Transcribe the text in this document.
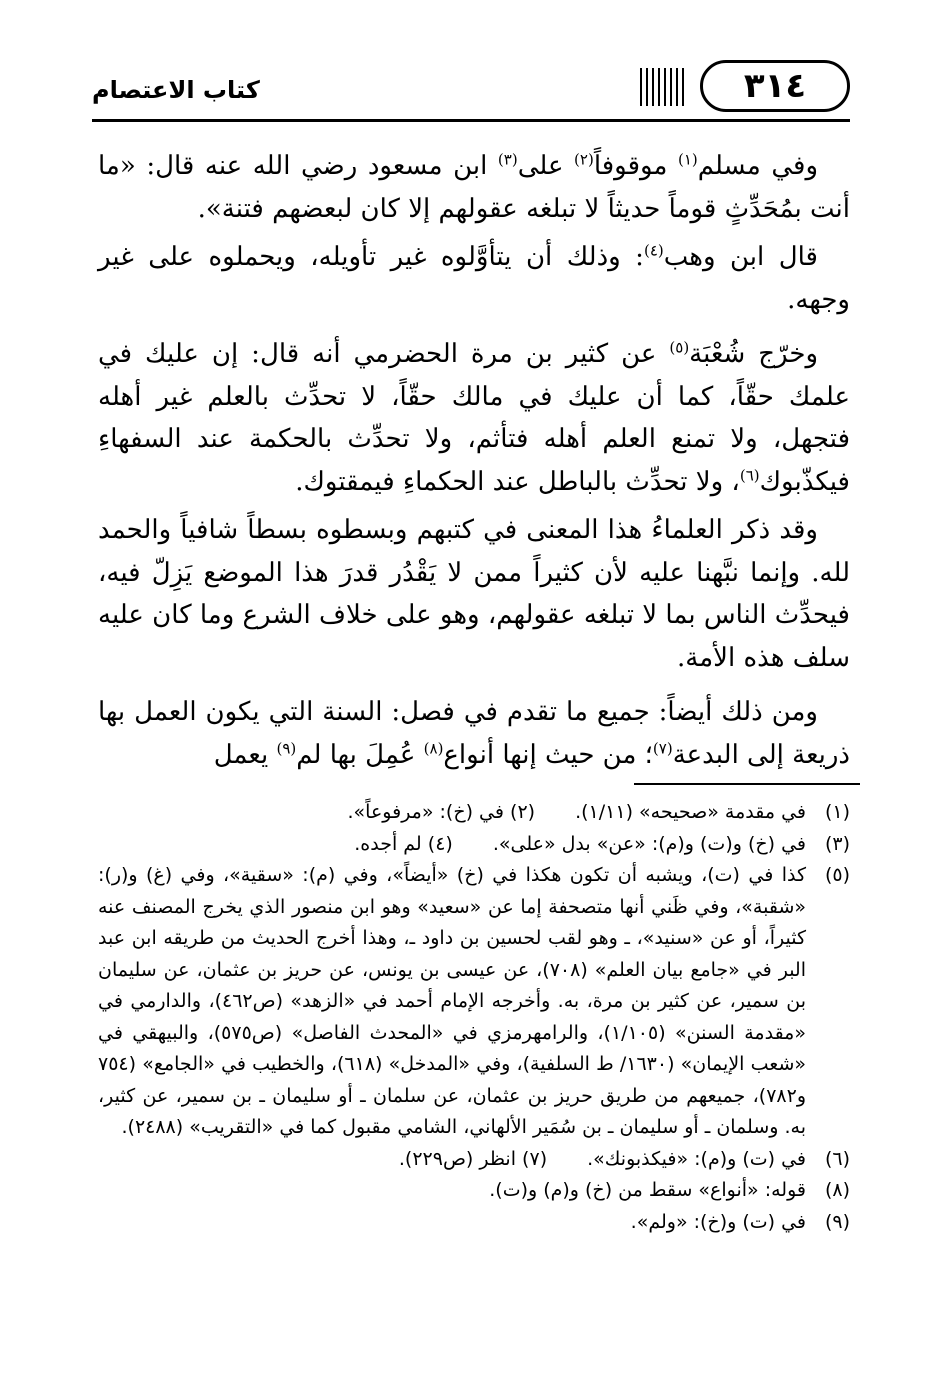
كتاب الاعتصام	٣١٤

وفي مسلم$^{(١)}$ موقوفاً$^{(٢)}$ على$^{(٣)}$ ابن مسعود رضي الله عنه قال: «ما أنت بمُحَدِّثٍ قوماً حديثاً لا تبلغه عقولهم إلا كان لبعضهم فتنة».

قال ابن وهب$^{(٤)}$: وذلك أن يتأوَّلوه غير تأويله، ويحملوه على غير وجهه.

وخرّج شُعْبَة$^{(٥)}$ عن كثير بن مرة الحضرمي أنه قال: إن عليك في علمك حقّاً، كما أن عليك في مالك حقّاً، لا تحدِّث بالعلم غير أهله فتجهل، ولا تمنع العلم أهله فتأثم، ولا تحدِّث بالحكمة عند السفهاءِ فيكذّبوك$^{(٦)}$، ولا تحدِّث بالباطل عند الحكماءِ فيمقتوك.

وقد ذكر العلماءُ هذا المعنى في كتبهم وبسطوه بسطاً شافياً والحمد لله. وإنما نبَّهنا عليه لأن كثيراً ممن لا يَقْدُر قدرَ هذا الموضع يَزِلّ فيه، فيحدِّث الناس بما لا تبلغه عقولهم، وهو على خلاف الشرع وما كان عليه سلف هذه الأمة.

ومن ذلك أيضاً: جميع ما تقدم في فصل: السنة التي يكون العمل بها ذريعة إلى البدعة$^{(٧)}$؛ من حيث إنها أنواع$^{(٨)}$ عُمِلَ بها لم$^{(٩)}$ يعمل

(١)
في مقدمة «صحيحه» (١/١١).(٢) في (خ): «مرفوعاً».
(٣)
في (خ) و(ت) و(م): «عن» بدل «على».(٤) لم أجده.
(٥)
كذا في (ت)، ويشبه أن تكون هكذا في (خ) «أيضاً»، وفي (م): «سقية»، وفي (غ) و(ر): «شقبة»، وفي ظَني أنها متصحفة إما عن «سعيد» وهو ابن منصور الذي يخرج المصنف عنه كثيراً، أو عن «سنيد»، ـ وهو لقب لحسين بن داود ـ، وهذا أخرج الحديث من طريقه ابن عبد البر في «جامع بيان العلم» (٧٠٨)، عن عيسى بن يونس، عن حريز بن عثمان، عن سليمان بن سمير، عن كثير بن مرة، به. وأخرجه الإمام أحمد في «الزهد» (ص٤٦٢)، والدارمي في «مقدمة السنن» (١/١٠٥)، والرامهرمزي في «المحدث الفاصل» (ص٥٧٥)، والبيهقي في «شعب الإيمان» (١٦٣٠/ ط السلفية)، وفي «المدخل» (٦١٨)، والخطيب في «الجامع» (٧٥٤ و٧٨٢)، جميعهم من طريق حريز بن عثمان، عن سلمان ـ أو سليمان ـ بن سمير، عن كثير، به. وسلمان ـ أو سليمان ـ بن سُمَير الألهاني، الشامي مقبول كما في «التقريب» (٢٤٨٨).
(٦)
في (ت) و(م): «فيكذبونك».(٧) انظر (ص٢٢٩).
(٨)
قوله: «أنواع» سقط من (خ) و(م) و(ت).
(٩)
في (ت) و(خ): «ولم».
